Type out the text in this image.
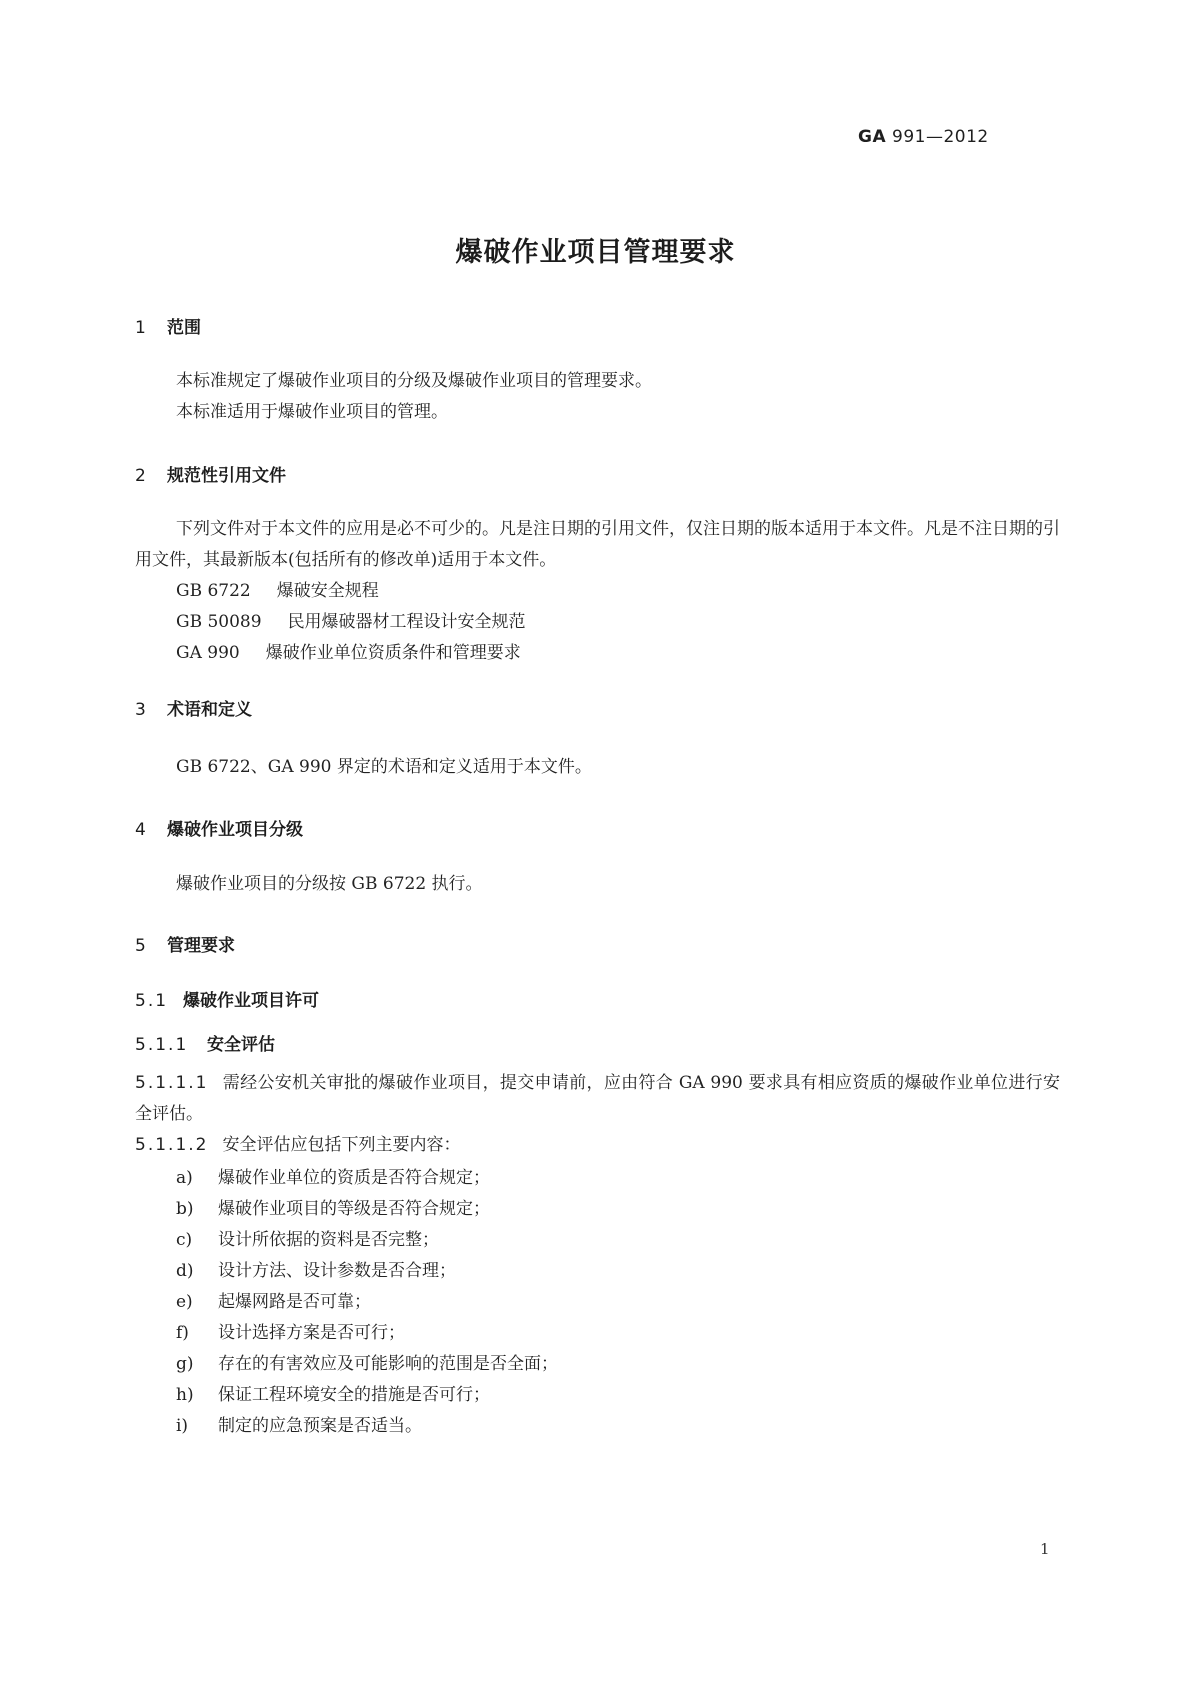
GA 991—2012
爆破作业项目管理要求
1 范围
本标准规定了爆破作业项目的分级及爆破作业项目的管理要求。
本标准适用于爆破作业项目的管理。
2 规范性引用文件
下列文件对于本文件的应用是必不可少的。凡是注日期的引用文件，仅注日期的版本适用于本文件。凡是不注日期的引用文件，其最新版本(包括所有的修改单)适用于本文件。
GB 6722 爆破安全规程
GB 50089 民用爆破器材工程设计安全规范
GA 990 爆破作业单位资质条件和管理要求
3 术语和定义
GB 6722、GA 990 界定的术语和定义适用于本文件。
4 爆破作业项目分级
爆破作业项目的分级按 GB 6722 执行。
5 管理要求
5.1 爆破作业项目许可
5.1.1 安全评估
5.1.1.1 需经公安机关审批的爆破作业项目，提交申请前，应由符合 GA 990 要求具有相应资质的爆破作业单位进行安全评估。
5.1.1.2 安全评估应包括下列主要内容：
a) 爆破作业单位的资质是否符合规定；
b) 爆破作业项目的等级是否符合规定；
c) 设计所依据的资料是否完整；
d) 设计方法、设计参数是否合理；
e) 起爆网路是否可靠；
f) 设计选择方案是否可行；
g) 存在的有害效应及可能影响的范围是否全面；
h) 保证工程环境安全的措施是否可行；
i) 制定的应急预案是否适当。
1
